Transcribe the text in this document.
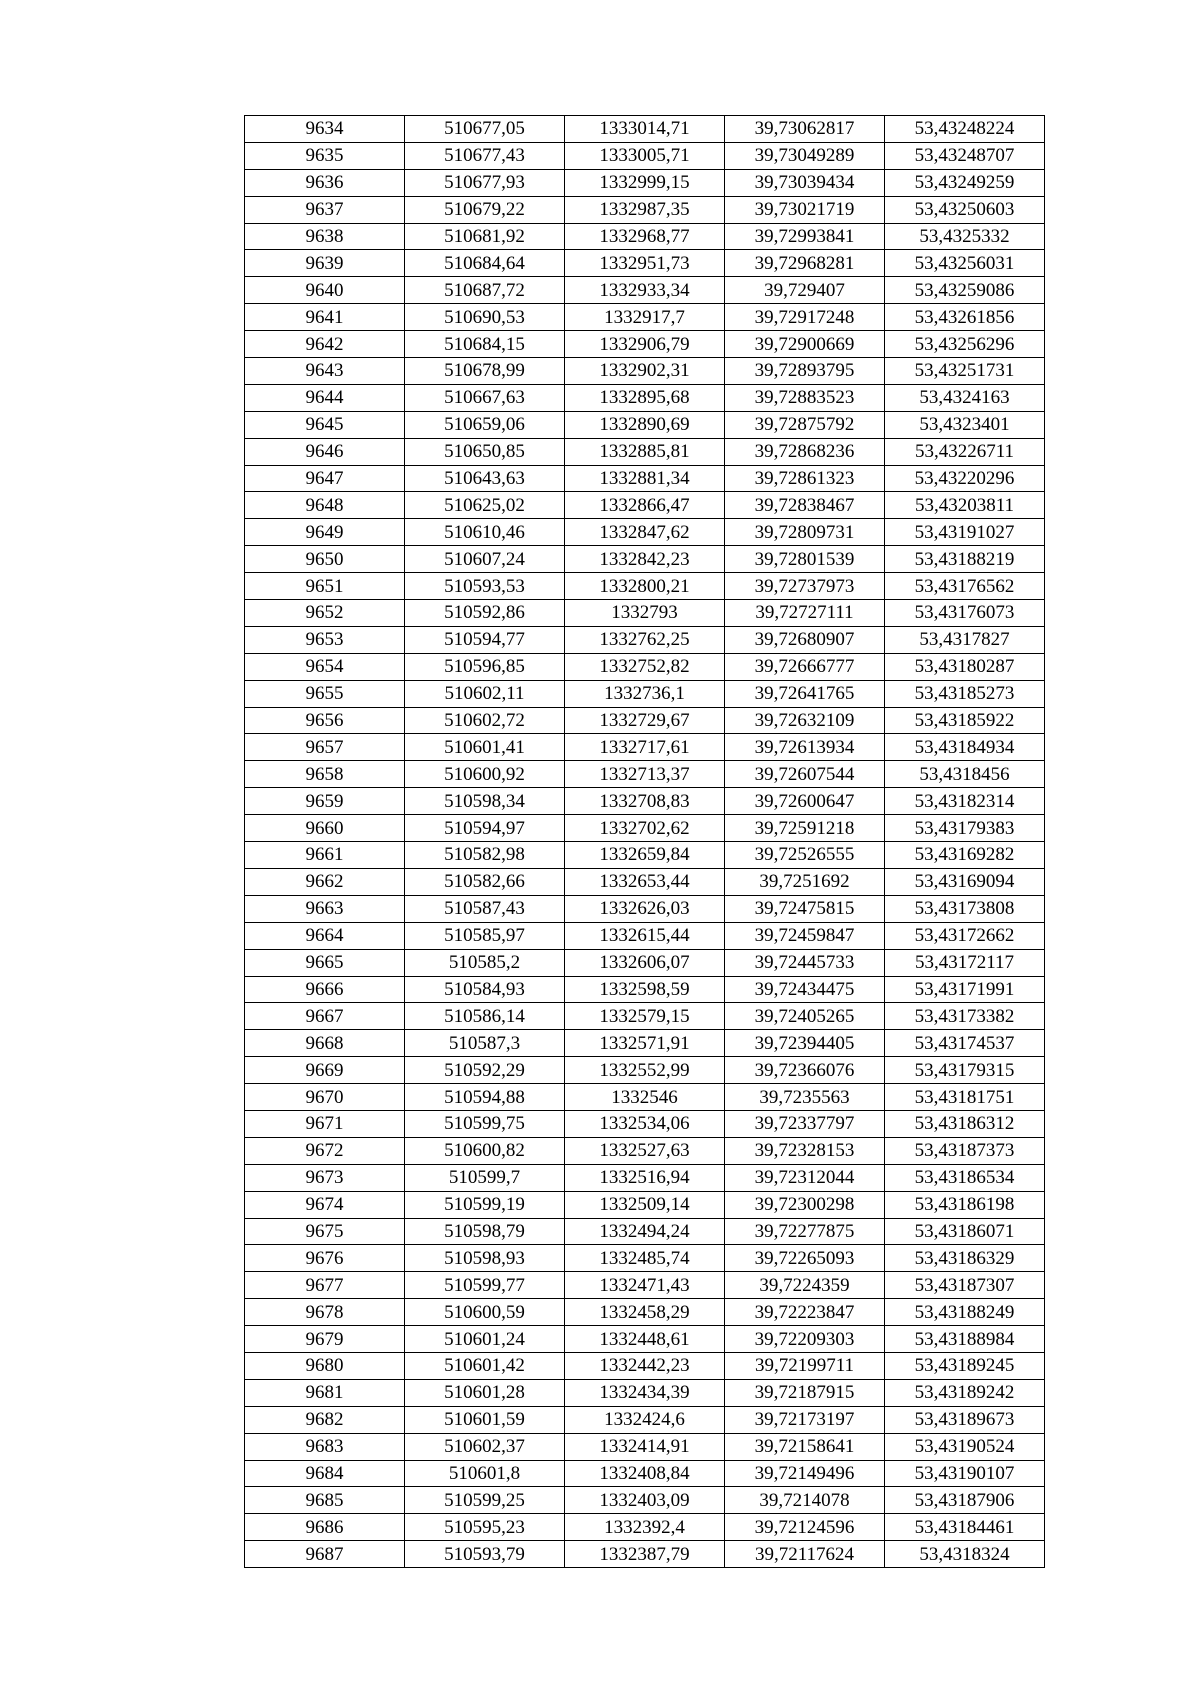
9634	510677,05	1333014,71	39,73062817	53,43248224
9635	510677,43	1333005,71	39,73049289	53,43248707
9636	510677,93	1332999,15	39,73039434	53,43249259
9637	510679,22	1332987,35	39,73021719	53,43250603
9638	510681,92	1332968,77	39,72993841	53,4325332
9639	510684,64	1332951,73	39,72968281	53,43256031
9640	510687,72	1332933,34	39,729407	53,43259086
9641	510690,53	1332917,7	39,72917248	53,43261856
9642	510684,15	1332906,79	39,72900669	53,43256296
9643	510678,99	1332902,31	39,72893795	53,43251731
9644	510667,63	1332895,68	39,72883523	53,4324163
9645	510659,06	1332890,69	39,72875792	53,4323401
9646	510650,85	1332885,81	39,72868236	53,43226711
9647	510643,63	1332881,34	39,72861323	53,43220296
9648	510625,02	1332866,47	39,72838467	53,43203811
9649	510610,46	1332847,62	39,72809731	53,43191027
9650	510607,24	1332842,23	39,72801539	53,43188219
9651	510593,53	1332800,21	39,72737973	53,43176562
9652	510592,86	1332793	39,72727111	53,43176073
9653	510594,77	1332762,25	39,72680907	53,4317827
9654	510596,85	1332752,82	39,72666777	53,43180287
9655	510602,11	1332736,1	39,72641765	53,43185273
9656	510602,72	1332729,67	39,72632109	53,43185922
9657	510601,41	1332717,61	39,72613934	53,43184934
9658	510600,92	1332713,37	39,72607544	53,4318456
9659	510598,34	1332708,83	39,72600647	53,43182314
9660	510594,97	1332702,62	39,72591218	53,43179383
9661	510582,98	1332659,84	39,72526555	53,43169282
9662	510582,66	1332653,44	39,7251692	53,43169094
9663	510587,43	1332626,03	39,72475815	53,43173808
9664	510585,97	1332615,44	39,72459847	53,43172662
9665	510585,2	1332606,07	39,72445733	53,43172117
9666	510584,93	1332598,59	39,72434475	53,43171991
9667	510586,14	1332579,15	39,72405265	53,43173382
9668	510587,3	1332571,91	39,72394405	53,43174537
9669	510592,29	1332552,99	39,72366076	53,43179315
9670	510594,88	1332546	39,7235563	53,43181751
9671	510599,75	1332534,06	39,72337797	53,43186312
9672	510600,82	1332527,63	39,72328153	53,43187373
9673	510599,7	1332516,94	39,72312044	53,43186534
9674	510599,19	1332509,14	39,72300298	53,43186198
9675	510598,79	1332494,24	39,72277875	53,43186071
9676	510598,93	1332485,74	39,72265093	53,43186329
9677	510599,77	1332471,43	39,7224359	53,43187307
9678	510600,59	1332458,29	39,72223847	53,43188249
9679	510601,24	1332448,61	39,72209303	53,43188984
9680	510601,42	1332442,23	39,72199711	53,43189245
9681	510601,28	1332434,39	39,72187915	53,43189242
9682	510601,59	1332424,6	39,72173197	53,43189673
9683	510602,37	1332414,91	39,72158641	53,43190524
9684	510601,8	1332408,84	39,72149496	53,43190107
9685	510599,25	1332403,09	39,7214078	53,43187906
9686	510595,23	1332392,4	39,72124596	53,43184461
9687	510593,79	1332387,79	39,72117624	53,4318324
